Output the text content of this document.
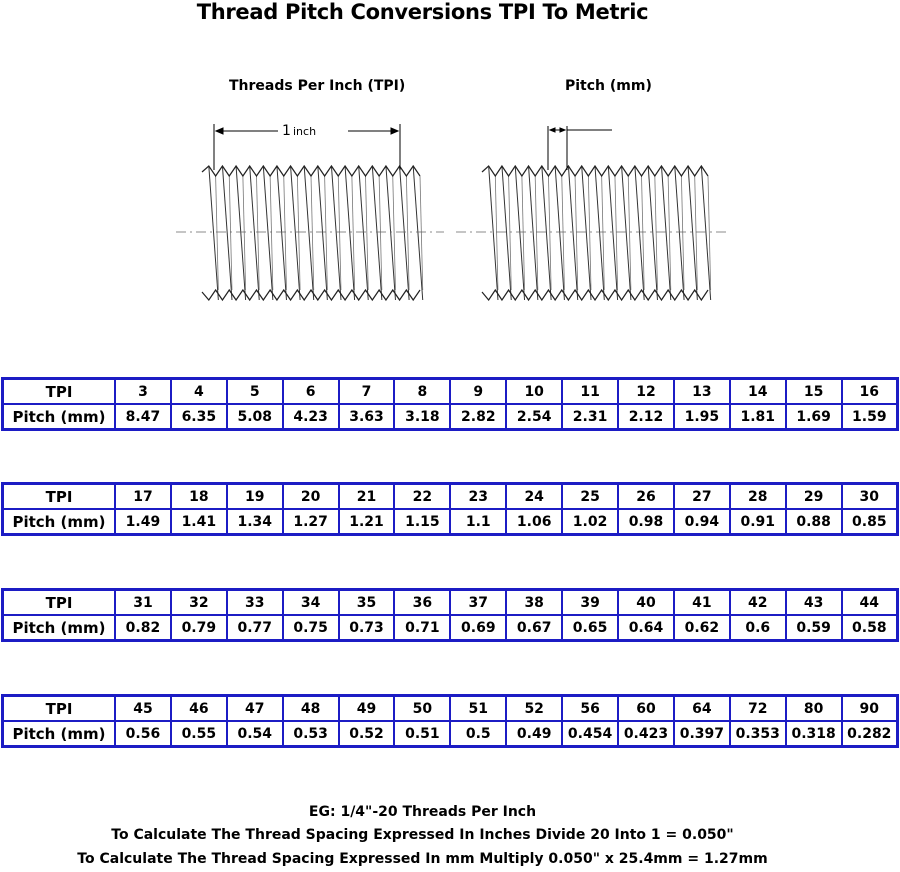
Thread Pitch Conversions TPI To Metric
Threads Per Inch (TPI)	Pitch (mm)
1 inch
TPI	3	4	5	6	7	8	9	10	11	12	13	14	15	16
Pitch (mm)	8.47	6.35	5.08	4.23	3.63	3.18	2.82	2.54	2.31	2.12	1.95	1.81	1.69	1.59
TPI	17	18	19	20	21	22	23	24	25	26	27	28	29	30
Pitch (mm)	1.49	1.41	1.34	1.27	1.21	1.15	1.1	1.06	1.02	0.98	0.94	0.91	0.88	0.85
TPI	31	32	33	34	35	36	37	38	39	40	41	42	43	44
Pitch (mm)	0.82	0.79	0.77	0.75	0.73	0.71	0.69	0.67	0.65	0.64	0.62	0.6	0.59	0.58
TPI	45	46	47	48	49	50	51	52	56	60	64	72	80	90
Pitch (mm)	0.56	0.55	0.54	0.53	0.52	0.51	0.5	0.49	0.454	0.423	0.397	0.353	0.318	0.282
EG: 1/4"-20 Threads Per Inch
To Calculate The Thread Spacing Expressed In Inches Divide 20 Into 1 = 0.050"
To Calculate The Thread Spacing Expressed In mm Multiply 0.050" x 25.4mm = 1.27mm
